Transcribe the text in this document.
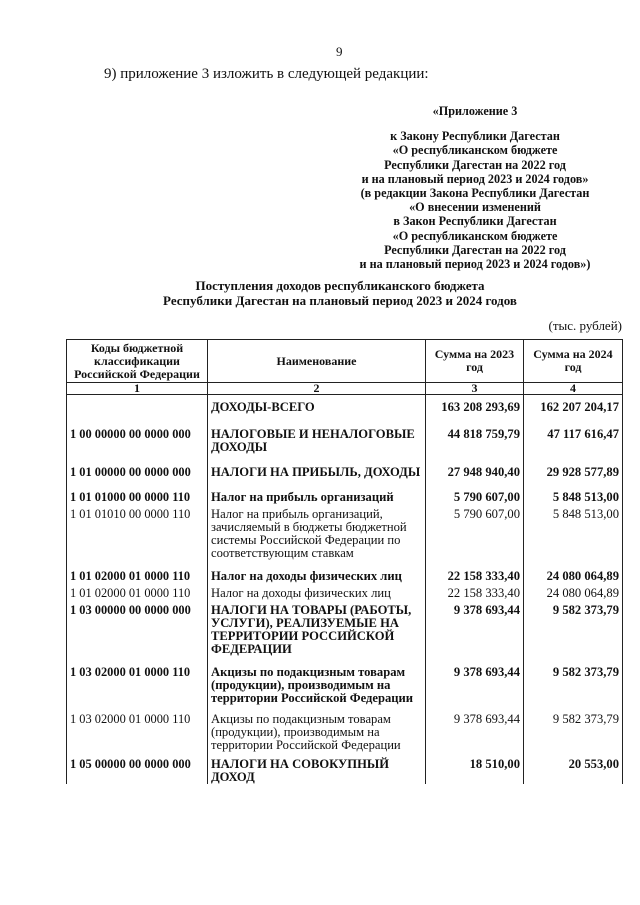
9
9) приложение 3 изложить в следующей редакции:
«Приложение 3
к Закону Республики Дагестан
«О республиканском бюджете
Республики Дагестан на 2022 год
и на плановый период 2023 и 2024 годов»
(в редакции Закона Республики Дагестан
«О внесении изменений
в Закон Республики Дагестан
«О республиканском бюджете
Республики Дагестан на 2022 год
и на плановый период 2023 и 2024 годов»)
Поступления доходов республиканского бюджета
Республики Дагестан на плановый период 2023 и 2024 годов
(тыс. рублей)
Коды бюджетной классификации Российской Федерации	Наименование	Сумма на 2023 год	Сумма на 2024 год
1	2	3	4
	ДОХОДЫ-ВСЕГО	163 208 293,69	162 207 204,17
1 00 00000 00 0000 000	НАЛОГОВЫЕ И НЕНАЛОГОВЫЕ ДОХОДЫ	44 818 759,79	47 117 616,47
1 01 00000 00 0000 000	НАЛОГИ НА ПРИБЫЛЬ, ДОХОДЫ	27 948 940,40	29 928 577,89
1 01 01000 00 0000 110	Налог на прибыль организаций	5 790 607,00	5 848 513,00
1 01 01010 00 0000 110	Налог на прибыль организаций, зачисляемый в бюджеты бюджетной системы Российской Федерации по соответствующим ставкам	5 790 607,00	5 848 513,00
1 01 02000 01 0000 110	Налог на доходы физических лиц	22 158 333,40	24 080 064,89
1 01 02000 01 0000 110	Налог на доходы физических лиц	22 158 333,40	24 080 064,89
1 03 00000 00 0000 000	НАЛОГИ НА ТОВАРЫ (РАБОТЫ, УСЛУГИ), РЕАЛИЗУЕМЫЕ НА ТЕРРИТОРИИ РОССИЙСКОЙ ФЕДЕРАЦИИ	9 378 693,44	9 582 373,79
1 03 02000 01 0000 110	Акцизы по подакцизным товарам (продукции), производимым на территории Российской Федерации	9 378 693,44	9 582 373,79
1 03 02000 01 0000 110	Акцизы по подакцизным товарам (продукции), производимым на территории Российской Федерации	9 378 693,44	9 582 373,79
1 05 00000 00 0000 000	НАЛОГИ НА СОВОКУПНЫЙ ДОХОД	18 510,00	20 553,00
